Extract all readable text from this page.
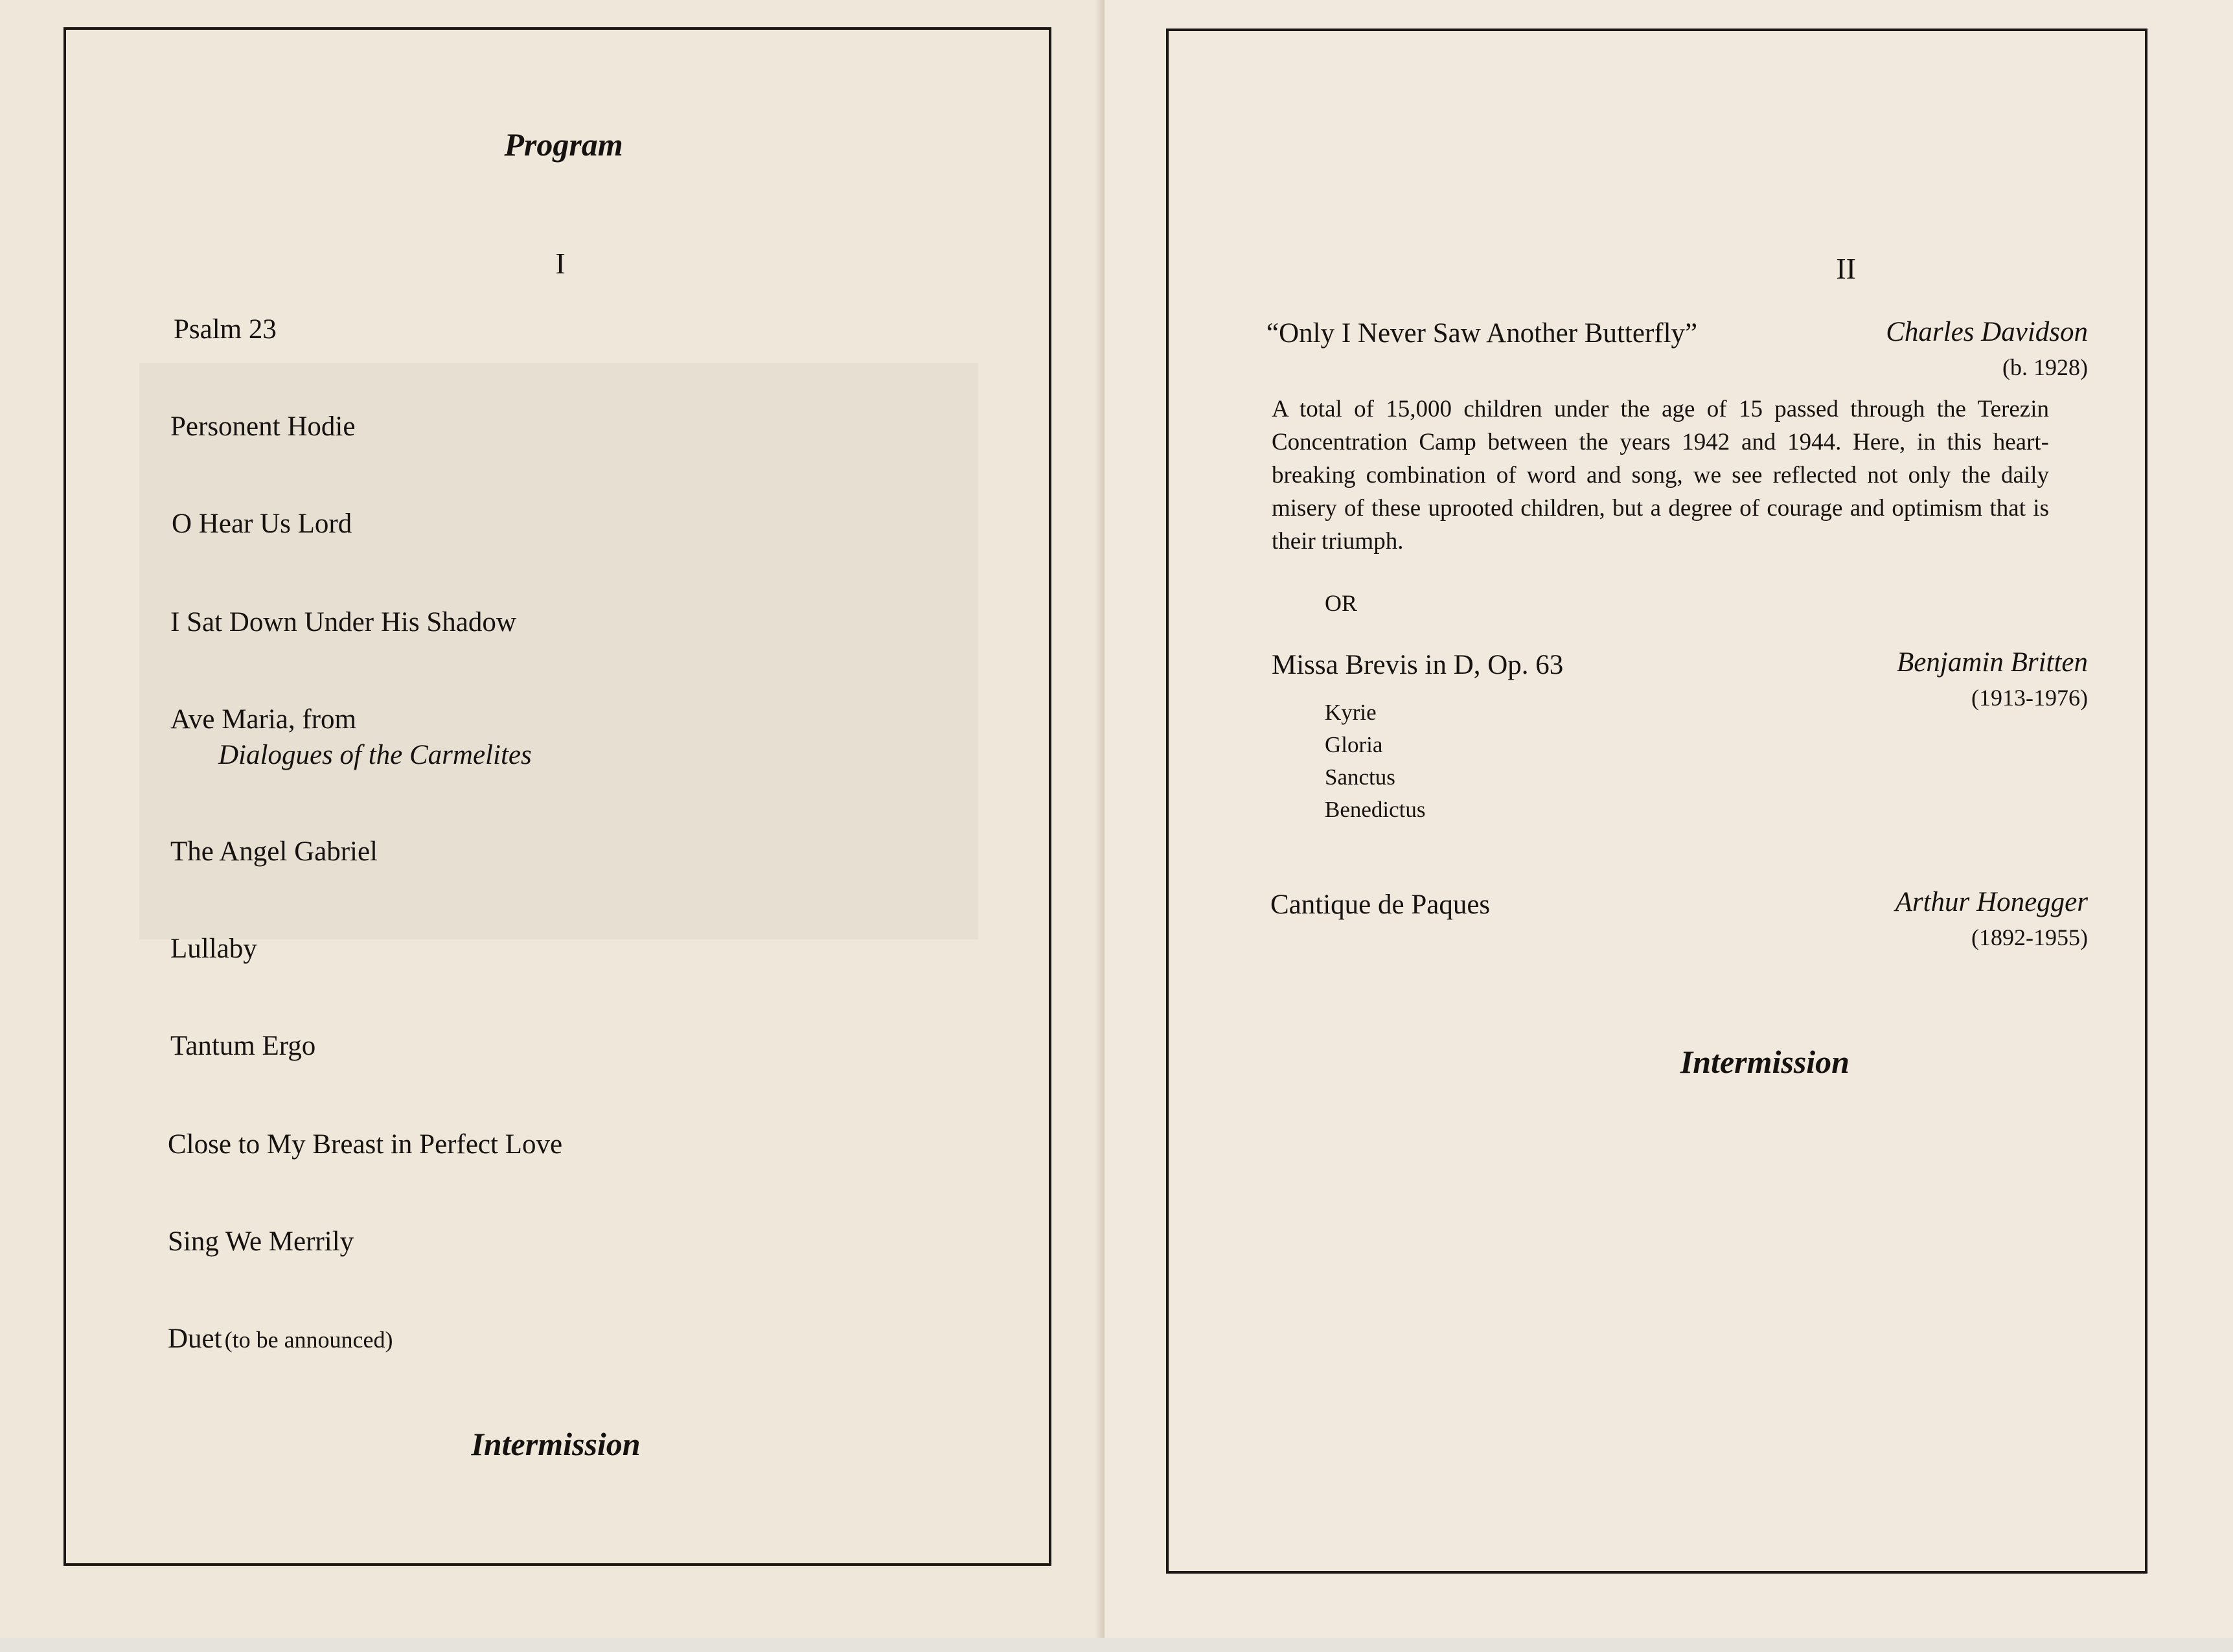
Program
I
Psalm 23
Personent Hodie
O Hear Us Lord
I Sat Down Under His Shadow
Ave Maria, from
Dialogues of the Carmelites
The Angel Gabriel
Lullaby
Tantum Ergo
Close to My Breast in Perfect Love
Sing We Merrily
Duet (to be announced)
Intermission
II
“Only I Never Saw Another Butterfly”	Charles Davidson
(b. 1928)
A total of 15,000 children under the age of 15 passed through the Terezin Concentration Camp between the years 1942 and 1944. Here, in this heart-breaking combination of word and song, we see reflected not only the daily misery of these uprooted children, but a degree of courage and optimism that is their triumph.
OR
Missa Brevis in D, Op. 63	Benjamin Britten
(1913-1976)
Kyrie
Gloria
Sanctus
Benedictus
Cantique de Paques	Arthur Honegger
(1892-1955)
Intermission
